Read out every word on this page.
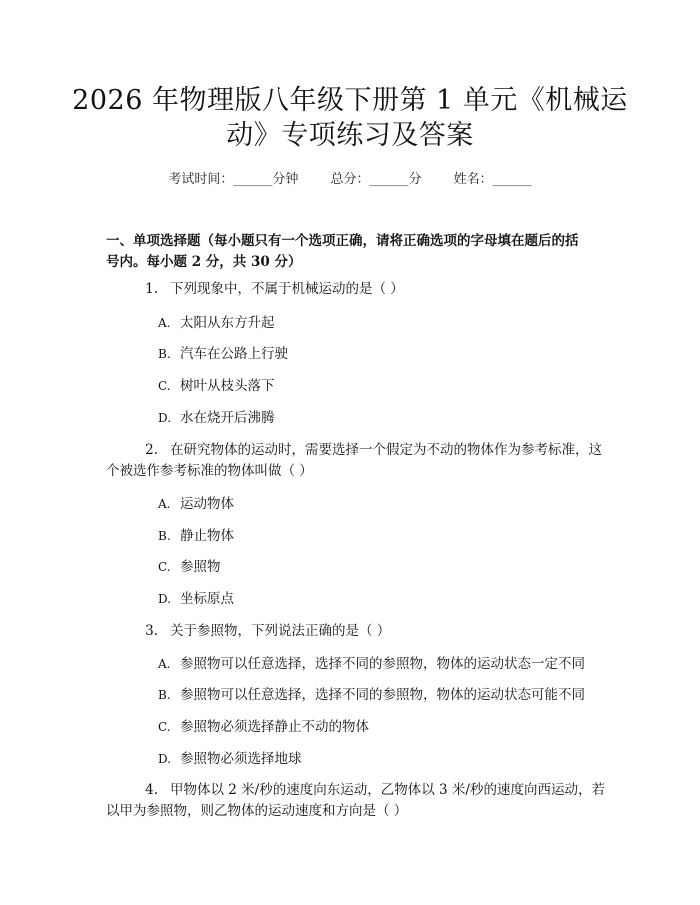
2026 年物理版八年级下册第 1 单元《机械运
动》专项练习及答案
考试时间：______分钟 总分：______分 姓名：______
一、单项选择题（每小题只有一个选项正确，请将正确选项的字母填在题后的括
号内。每小题 2 分，共 30 分）
1. 下列现象中，不属于机械运动的是（ ）
A. 太阳从东方升起
B. 汽车在公路上行驶
C. 树叶从枝头落下
D. 水在烧开后沸腾
2. 在研究物体的运动时，需要选择一个假定为不动的物体作为参考标准，这
个被选作参考标准的物体叫做（ ）
A. 运动物体
B. 静止物体
C. 参照物
D. 坐标原点
3. 关于参照物，下列说法正确的是（ ）
A. 参照物可以任意选择，选择不同的参照物，物体的运动状态一定不同
B. 参照物可以任意选择，选择不同的参照物，物体的运动状态可能不同
C. 参照物必须选择静止不动的物体
D. 参照物必须选择地球
4. 甲物体以 2 米/秒的速度向东运动，乙物体以 3 米/秒的速度向西运动，若
以甲为参照物，则乙物体的运动速度和方向是（ ）
